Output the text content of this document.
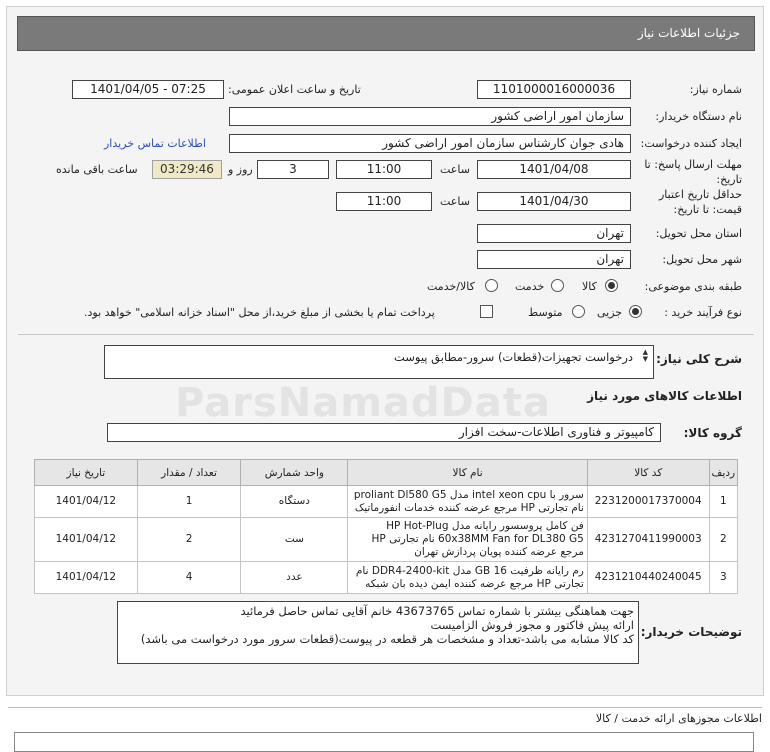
جزئیات اطلاعات نیاز
شماره نیاز:
1101000016000036
تاریخ و ساعت اعلان عمومی:
1401/04/05 - 07:25
نام دستگاه خریدار:
سازمان امور اراضی کشور
ایجاد کننده درخواست:
هادی جوان کارشناس سازمان امور اراضی کشور
اطلاعات تماس خریدار
مهلت ارسال پاسخ: تا تاریخ:
1401/04/08
ساعت
11:00
3
روز و
03:29:46
ساعت باقی مانده
حداقل تاریخ اعتبار قیمت: تا تاریخ:
1401/04/30
ساعت
11:00
استان محل تحویل:
تهران
شهر محل تحویل:
تهران
طبقه بندی موضوعی:
کالا
خدمت
کالا/خدمت
نوع فرآیند خرید :
جزیی
متوسط
پرداخت تمام یا بخشی از مبلغ خرید،از محل "اسناد خزانه اسلامی" خواهد بود.
شرح کلی نیاز:
▲
▼
درخواست تجهیزات(قطعات) سرور-مطابق پیوست
اطلاعات کالاهای مورد نیاز
گروه کالا:
کامپیوتر و فناوری اطلاعات-سخت افزار
ردیف	کد کالا	نام کالا	واحد شمارش	تعداد / مقدار	تاریخ نیاز
1	2231200017370004	سرور با intel xeon cpu مدل proliant Dl580 G5 نام تجارتی HP مرجع عرضه کننده خدمات انفورماتیک	دستگاه	1	1401/04/12
2	4231270411990003	فن کامل پروسسور رایانه مدل HP Hot-Plug 60x38MM Fan for DL380 G5 نام تجارتی HP مرجع عرضه کننده پویان پردازش تهران	ست	2	1401/04/12
3	4231210440240045	رم رایانه ظرفیت 16 GB مدل DDR4-2400-kit نام تجارتی HP مرجع عرضه کننده ایمن دیده بان شبکه	عدد	4	1401/04/12
توضیحات خریدار:
جهت هماهنگی بیشتر با شماره تماس 43673765 خانم آقایی تماس حاصل فرمائید
ارائه پیش فاکتور و مجوز فروش الزامیست
کد کالا مشابه می باشد-تعداد و مشخصات هر قطعه در پیوست(قطعات سرور مورد درخواست می باشد)
اطلاعات مجوزهای ارائه خدمت / کالا
